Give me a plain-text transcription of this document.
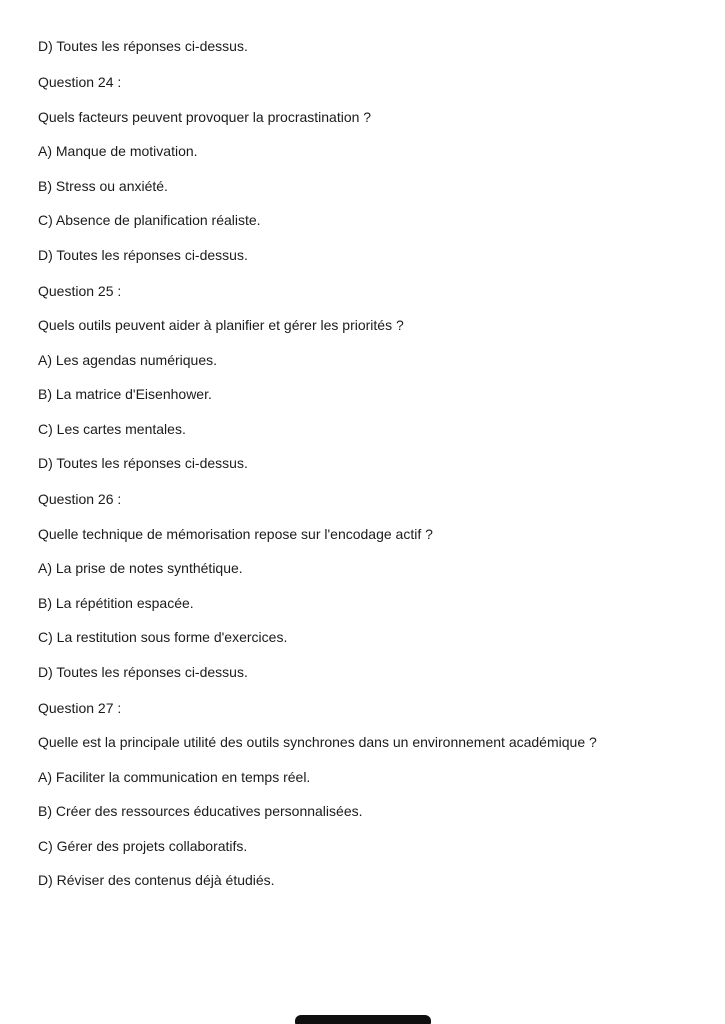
D) Toutes les réponses ci-dessus.

Question 24 :

Quels facteurs peuvent provoquer la procrastination ?

A) Manque de motivation.

B) Stress ou anxiété.

C) Absence de planification réaliste.

D) Toutes les réponses ci-dessus.

Question 25 :

Quels outils peuvent aider à planifier et gérer les priorités ?

A) Les agendas numériques.

B) La matrice d'Eisenhower.

C) Les cartes mentales.

D) Toutes les réponses ci-dessus.

Question 26 :

Quelle technique de mémorisation repose sur l'encodage actif ?

A) La prise de notes synthétique.

B) La répétition espacée.

C) La restitution sous forme d'exercices.

D) Toutes les réponses ci-dessus.

Question 27 :

Quelle est la principale utilité des outils synchrones dans un environnement académique ?

A) Faciliter la communication en temps réel.

B) Créer des ressources éducatives personnalisées.

C) Gérer des projets collaboratifs.

D) Réviser des contenus déjà étudiés.
